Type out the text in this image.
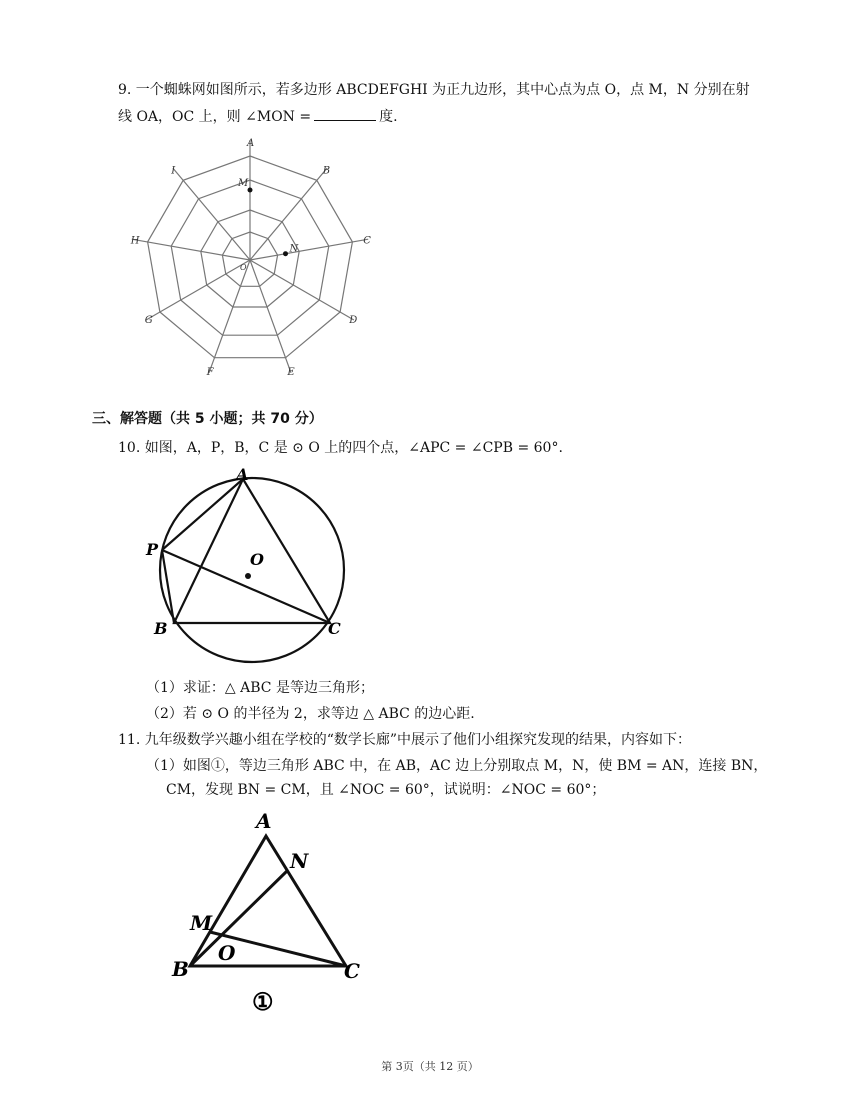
9. 一个蜘蛛网如图所示，若多边形 ABCDEFGHI 为正九边形，其中心点为点 O，点 M，N 分别在射
线 OA，OC 上，则 ∠MON =	度.
A
B
C
D
E
F
G
H
I
M
N
O
三、解答题（共 5 小题；共 70 分）
10. 如图，A，P，B，C 是 ⊙ O 上的四个点，∠APC = ∠CPB = 60°.
A
P
O
B	C
（1）求证：△ ABC 是等边三角形；
（2）若 ⊙ O 的半径为 2，求等边 △ ABC 的边心距.
11. 九年级数学兴趣小组在学校的“数学长廊”中展示了他们小组探究发现的结果，内容如下：
（1）如图①，等边三角形 ABC 中，在 AB，AC 边上分别取点 M，N，使 BM = AN，连接 BN，
CM，发现 BN = CM，且 ∠NOC = 60°，试说明：∠NOC = 60°；
A
N
M
O
B	C
①
第 3页（共 12 页）
